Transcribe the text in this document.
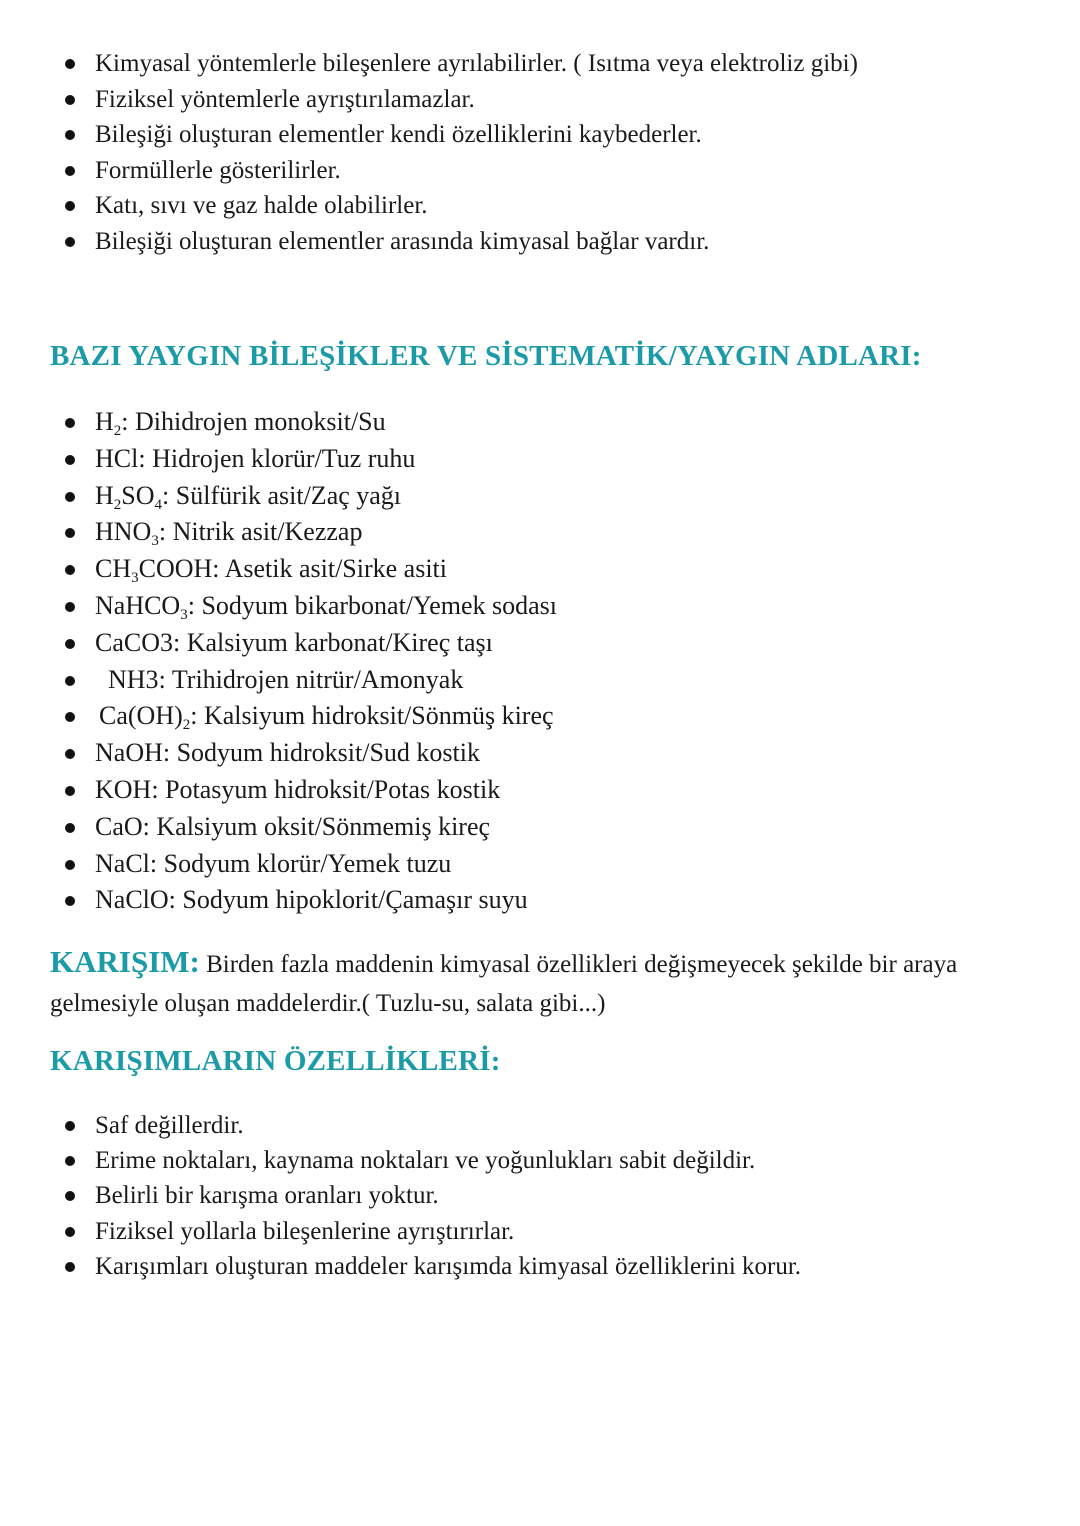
Kimyasal yöntemlerle bileşenlere ayrılabilirler. ( Isıtma veya elektroliz gibi)
Fiziksel yöntemlerle ayrıştırılamazlar.
Bileşiği oluşturan elementler kendi özelliklerini kaybederler.
Formüllerle gösterilirler.
Katı, sıvı ve gaz halde olabilirler.
Bileşiği oluşturan elementler arasında kimyasal bağlar vardır.
BAZI YAYGIN BİLEŞİKLER VE SİSTEMATİK/YAYGIN ADLARI:
$H_2$: Dihidrojen monoksit/Su
HCl: Hidrojen klorür/Tuz ruhu
$H_2SO_4$: Sülfürik asit/Zaç yağı
$HNO_3$: Nitrik asit/Kezzap
$CH_3COOH$: Asetik asit/Sirke asiti
NaHCO$_3$: Sodyum bikarbonat/Yemek sodası
CaCO3: Kalsiyum karbonat/Kireç taşı
NH3: Trihidrojen nitrür/Amonyak
$Ca(OH)_2$: Kalsiyum hidroksit/Sönmüş kireç
NaOH: Sodyum hidroksit/Sud kostik
KOH: Potasyum hidroksit/Potas kostik
CaO: Kalsiyum oksit/Sönmemiş kireç
NaCl: Sodyum klorür/Yemek tuzu
NaClO: Sodyum hipoklorit/Çamaşır suyu

KARIŞIM: Birden fazla maddenin kimyasal özellikleri değişmeyecek şekilde bir araya gelmesiyle oluşan maddelerdir.( Tuzlu-su, salata gibi...)

KARIŞIMLARIN ÖZELLİKLERİ:
Saf değillerdir.
Erime noktaları, kaynama noktaları ve yoğunlukları sabit değildir.
Belirli bir karışma oranları yoktur.
Fiziksel yollarla bileşenlerine ayrıştırırlar.
Karışımları oluşturan maddeler karışımda kimyasal özelliklerini korur.
